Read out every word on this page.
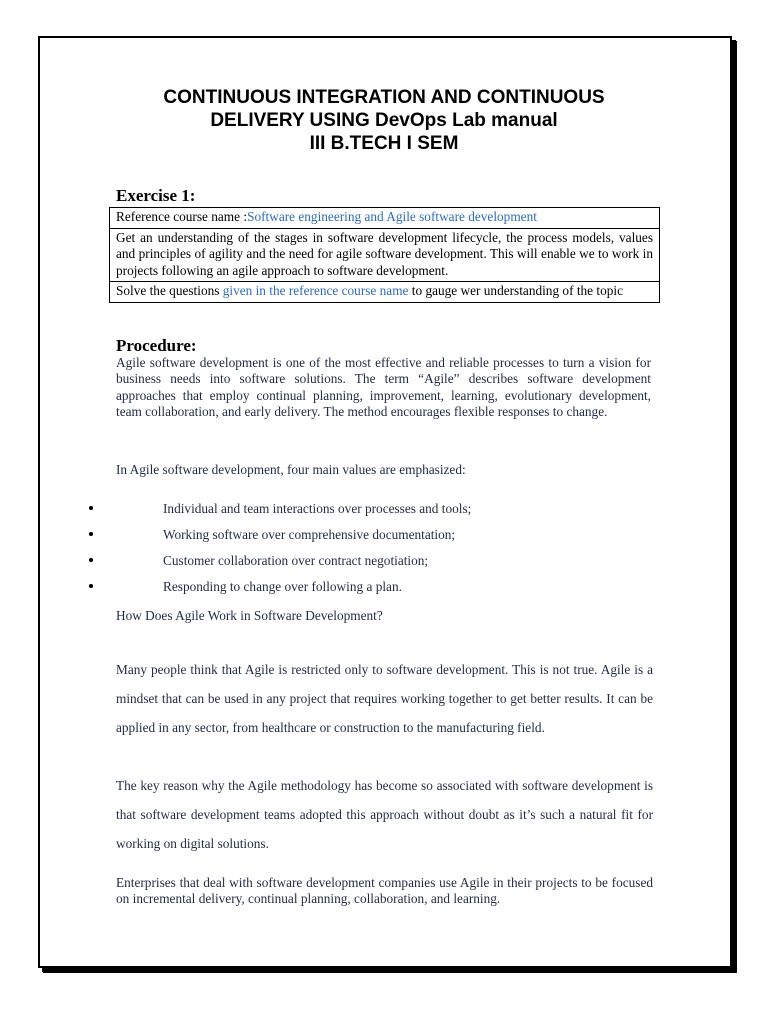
CONTINUOUS INTEGRATION AND CONTINUOUS
DELIVERY USING DevOps Lab manual
III B.TECH I SEM
Exercise 1:
Reference course name :Software engineering and Agile software development
Get an understanding of the stages in software development lifecycle, the process models, values and principles of agility and the need for agile software development. This will enable we to work in projects following an agile approach to software development.
Solve the questions given in the reference course name to gauge wer understanding of the topic
Procedure:

Agile software development is one of the most effective and reliable processes to turn a vision for business needs into software solutions. The term “Agile” describes software development approaches that employ continual planning, improvement, learning, evolutionary development, team collaboration, and early delivery. The method encourages flexible responses to change.

In Agile software development, four main values are emphasized:

Individual and team interactions over processes and tools;
Working software over comprehensive documentation;
Customer collaboration over contract negotiation;
Responding to change over following a plan.
How Does Agile Work in Software Development?

Many people think that Agile is restricted only to software development. This is not true. Agile is a mindset that can be used in any project that requires working together to get better results. It can be applied in any sector, from healthcare or construction to the manufacturing field.

The key reason why the Agile methodology has become so associated with software development is that software development teams adopted this approach without doubt as it’s such a natural fit for working on digital solutions.

Enterprises that deal with software development companies use Agile in their projects to be focused on incremental delivery, continual planning, collaboration, and learning.
